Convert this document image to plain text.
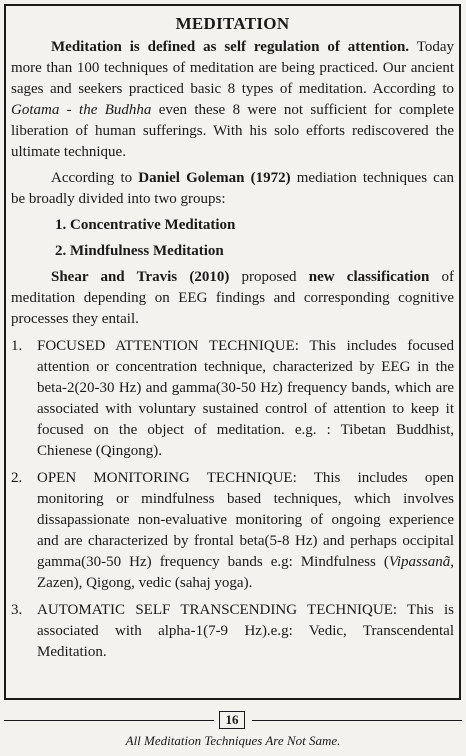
MEDITATION

Meditation is defined as self regulation of attention. Today more than 100 techniques of meditation are being practiced. Our ancient sages and seekers practiced basic 8 types of meditation. According to Gotama - the Budhha even these 8 were not sufficient for complete liberation of human sufferings. With his solo efforts rediscovered the ultimate technique.

According to Daniel Goleman (1972) mediation techniques can be broadly divided into two groups:

1. Concentrative Meditation
2. Mindfulness Meditation

Shear and Travis (2010) proposed new classification of meditation depending on EEG findings and corresponding cognitive processes they entail.

1. FOCUSED ATTENTION TECHNIQUE: This includes focused attention or concentration technique, characterized by EEG in the beta-2(20-30 Hz) and gamma(30-50 Hz) frequency bands, which are associated with voluntary sustained control of attention to keep it focused on the object of meditation. e.g. : Tibetan Buddhist, Chienese (Qingong).
2. OPEN MONITORING TECHNIQUE: This includes open monitoring or mindfulness based techniques, which involves dissapassionate non-evaluative monitoring of ongoing experience and are characterized by frontal beta(5-8 Hz) and perhaps occipital gamma(30-50 Hz) frequency bands e.g: Mindfulness (Vipassanã, Zazen), Qigong, vedic (sahaj yoga).
3. AUTOMATIC SELF TRANSCENDING TECHNIQUE: This is associated with alpha-1(7-9 Hz).e.g: Vedic, Transcendental Meditation.
16
All Meditation Techniques Are Not Same.
